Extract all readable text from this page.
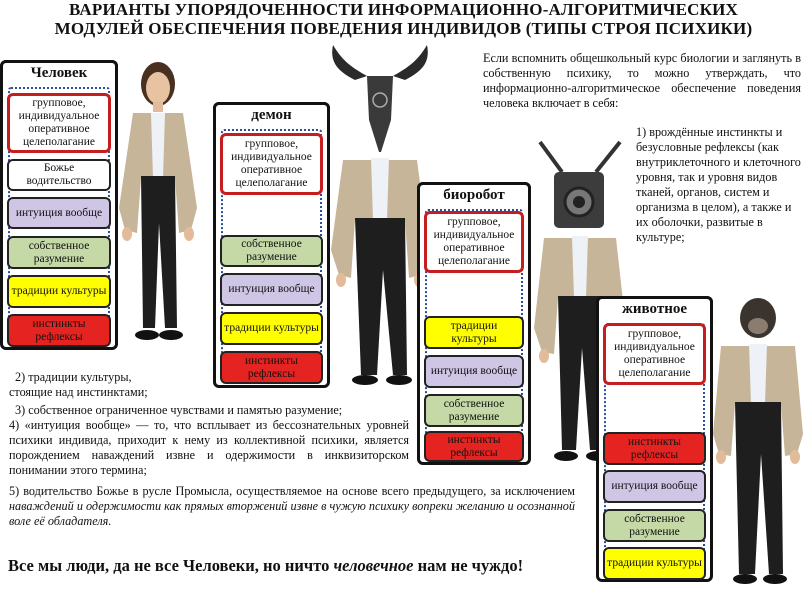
ВАРИАНТЫ УПОРЯДОЧЕННОСТИ ИНФОРМАЦИОННО-АЛГОРИТМИЧЕСКИХ
МОДУЛЕЙ ОБЕСПЕЧЕНИЯ ПОВЕДЕНИЯ ИНДИВИДОВ (ТИПЫ СТРОЯ ПСИХИКИ)
Человек
групповое, индивидуальное оперативное целеполагание
Божье водительство
интуиция вообще
собственное разумение
традиции культуры
инстинкты рефлексы
демон
групповое, индивидуальное оперативное целеполагание
собственное разумение
интуиция вообще
традиции культуры
инстинкты рефлексы
биоробот
групповое, индивидуальное оперативное целеполагание
традиции культуры
интуиция вообще
собственное разумение
инстинкты рефлексы
животное
групповое, индивидуальное оперативное целеполагание
инстинкты рефлексы
интуиция вообще
собственное разумение
традиции культуры
Если вспомнить общешкольный курс биологии и заглянуть в собственную психику, то можно утверждать, что информационно-алгоритмическое обеспечение поведения человека включает в себя:
1) врождённые инстинкты и безусловные рефлексы (как внутриклеточного и клеточного уровня, так и уровня видов тканей, органов, систем и организма в целом), а также и их оболочки, развитые в культуре;
2) традиции культуры,
стоящие над инстинктами;
3) собственное ограниченное чувствами и памятью разумение;
4) «интуиция вообще» — то, что всплывает из бессознательных уровней психики индивида, приходит к нему из коллективной психики, является порождением наваждений извне и одержимости в инквизиторском понимании этого термина;
5) водительство Божье в русле Промысла, осуществляемое на основе всего предыдущего, за исключением наваждений и одержимости как прямых вторжений извне в чужую психику вопреки желанию и осознанной воле её обладателя.
Все мы люди, да не все Человеки, но ничто человечное нам не чуждо!
